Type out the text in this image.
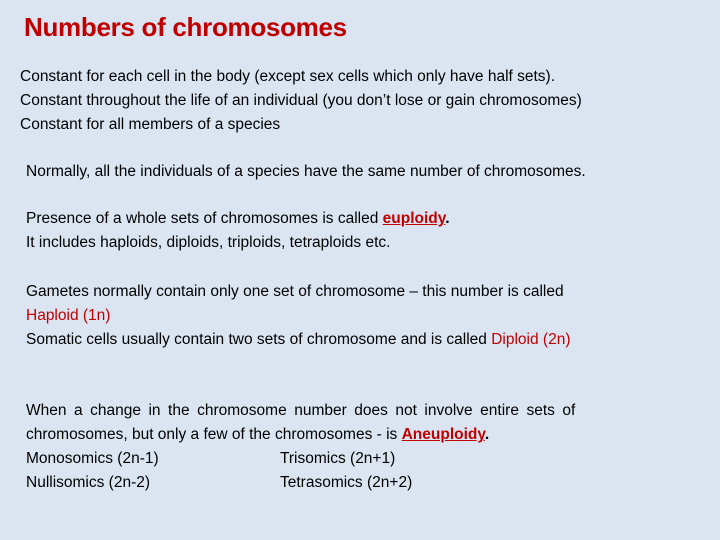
Numbers of chromosomes

Constant for each cell in the body (except sex cells which only have half sets).

Constant throughout the life of an individual (you don’t lose or gain chromosomes)

Constant for all members of a species

Normally, all the individuals of a species have the same number of chromosomes.

Presence of a whole sets of chromosomes is called euploidy.

It includes haploids, diploids, triploids, tetraploids etc.

Gametes normally contain only one set of chromosome – this number is called

Haploid (1n)

Somatic cells usually contain two sets of chromosome and is called Diploid (2n)

When a change in the chromosome number does not involve entire sets of

chromosomes, but only a few of the chromosomes - is Aneuploidy.

Monosomics (2n-1)	Trisomics (2n+1)

Nullisomics (2n-2)	Tetrasomics (2n+2)
